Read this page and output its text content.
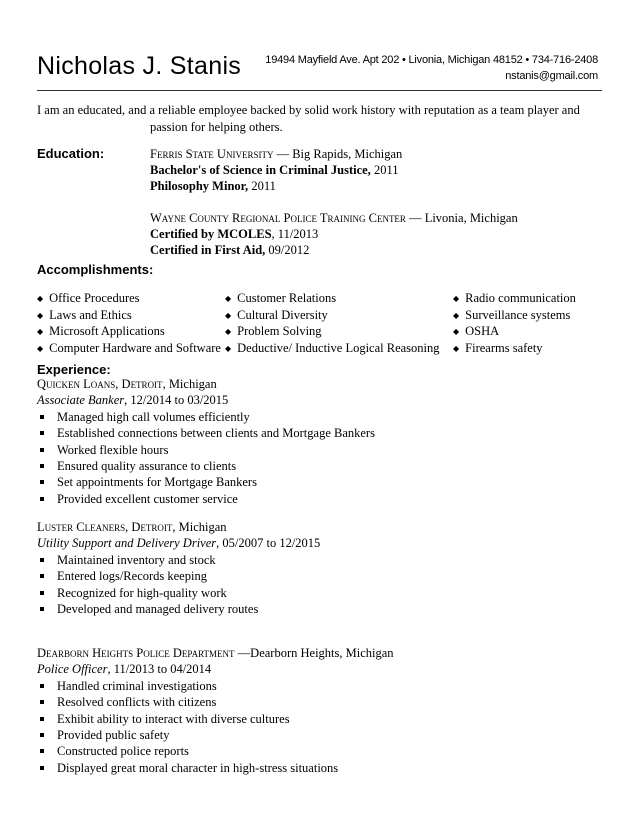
Nicholas J. Stanis 19494 Mayfield Ave. Apt 202 • Livonia, Michigan 48152 • 734-716-2408
nstanis@gmail.com
I am an educated, and a reliable employee backed by solid work history with reputation as a team player and
passion for helping others.
Education:	Ferris State University — Big Rapids, Michigan
Bachelor's of Science in Criminal Justice, 2011
Philosophy Minor, 2011
Wayne County Regional Police Training Center — Livonia, Michigan
Certified by MCOLES, 11/2013
Certified in First Aid, 09/2012
Accomplishments:
◆ Office Procedures
◆ Laws and Ethics
◆ Microsoft Applications
◆ Computer Hardware and Software
◆ Customer Relations
◆ Cultural Diversity
◆ Problem Solving
◆ Deductive/ Inductive Logical Reasoning
◆ Radio communication
◆ Surveillance systems
◆ OSHA
◆ Firearms safety
Experience:
Quicken Loans, Detroit, Michigan
Associate Banker, 12/2014 to 03/2015
Managed high call volumes efficiently
Established connections between clients and Mortgage Bankers
Worked flexible hours
Ensured quality assurance to clients
Set appointments for Mortgage Bankers
Provided excellent customer service
Luster Cleaners, Detroit, Michigan
Utility Support and Delivery Driver, 05/2007 to 12/2015
Maintained inventory and stock
Entered logs/Records keeping
Recognized for high-quality work
Developed and managed delivery routes
Dearborn Heights Police Department —Dearborn Heights, Michigan
Police Officer, 11/2013 to 04/2014
Handled criminal investigations
Resolved conflicts with citizens
Exhibit ability to interact with diverse cultures
Provided public safety
Constructed police reports
Displayed great moral character in high-stress situations
